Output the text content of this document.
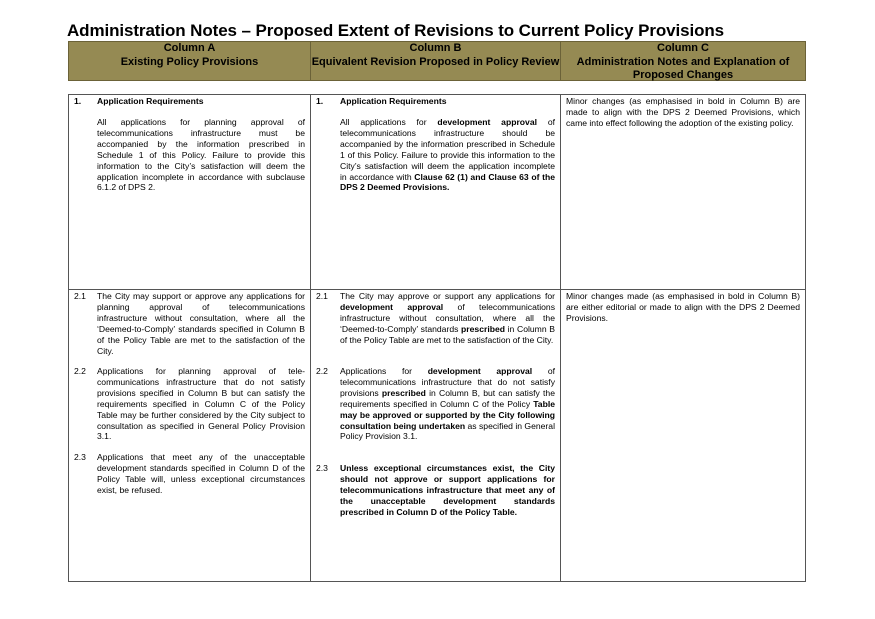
Administration Notes – Proposed Extent of Revisions to Current Policy Provisions
Column A
Existing Policy Provisions
Column B
Equivalent Revision Proposed in Policy Review
Column C
Administration Notes and Explanation of Proposed Changes
1. Application Requirements

All applications for planning approval of telecommunications infrastructure must be accompanied by the information prescribed in Schedule 1 of this Policy. Failure to provide this information to the City’s satisfaction will deem the application incomplete in accordance with subclause 6.1.2 of DPS 2.

1. Application Requirements

All applications for development approval of telecommunications infrastructure should be accompanied by the information prescribed in Schedule 1 of this Policy. Failure to provide this information to the City’s satisfaction will deem the application incomplete in accordance with Clause 62 (1) and Clause 63 of the DPS 2 Deemed Provisions.

Minor changes (as emphasised in bold in Column B) are made to align with the DPS 2 Deemed Provisions, which came into effect following the adoption of the existing policy.

2.1 The City may support or approve any applications for planning approval of telecommunications infrastructure without consultation, where all the ‘Deemed-to-Comply’ standards specified in Column B of the Policy Table are met to the satisfaction of the City.

2.2 Applications for planning approval of tele-communications infrastructure that do not satisfy provisions specified in Column B but can satisfy the requirements specified in Column C of the Policy Table may be further considered by the City subject to consultation as specified in General Policy Provision 3.1.

2.3 Applications that meet any of the unacceptable development standards specified in Column D of the Policy Table will, unless exceptional circumstances exist, be refused.

2.1 The City may approve or support any applications for development approval of telecommunications infrastructure without consultation, where all the ‘Deemed-to-Comply’ standards prescribed in Column B of the Policy Table are met to the satisfaction of the City.

2.2 Applications for development approval of telecommunications infrastructure that do not satisfy provisions prescribed in Column B, but can satisfy the requirements specified in Column C of the Policy Table may be approved or supported by the City following consultation being undertaken as specified in General Policy Provision 3.1.

2.3 Unless exceptional circumstances exist, the City should not approve or support applications for telecommunications infrastructure that meet any of the unacceptable development standards prescribed in Column D of the Policy Table.

Minor changes made (as emphasised in bold in Column B) are either editorial or made to align with the DPS 2 Deemed Provisions.
